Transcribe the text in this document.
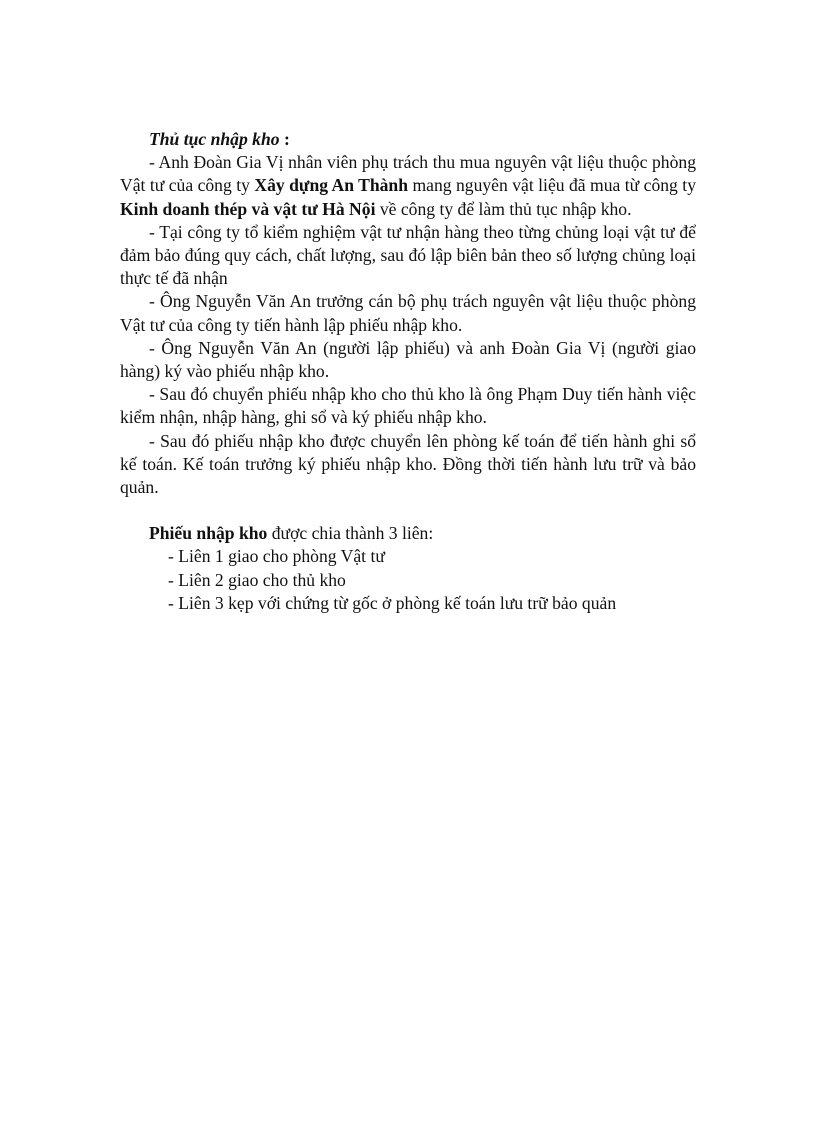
Thủ tục nhập kho :

- Anh Đoàn Gia Vị nhân viên phụ trách thu mua nguyên vật liệu thuộc phòng Vật tư của công ty Xây dựng An Thành mang nguyên vật liệu đã mua từ công ty Kinh doanh thép và vật tư Hà Nội về công ty để làm thủ tục nhập kho.

- Tại công ty tổ kiểm nghiệm vật tư nhận hàng theo từng chủng loại vật tư để đảm bảo đúng quy cách, chất lượng, sau đó lập biên bản theo số lượng chủng loại thực tế đã nhận

- Ông Nguyễn Văn An trưởng cán bộ phụ trách nguyên vật liệu thuộc phòng Vật tư của công ty tiến hành lập phiếu nhập kho.

- Ông Nguyễn Văn An (người lập phiếu) và anh Đoàn Gia Vị (người giao hàng) ký vào phiếu nhập kho.

- Sau đó chuyển phiếu nhập kho cho thủ kho là ông Phạm Duy tiến hành việc kiểm nhận, nhập hàng, ghi sổ và ký phiếu nhập kho.

- Sau đó phiếu nhập kho được chuyển lên phòng kế toán để tiến hành ghi sổ kế toán. Kế toán trưởng ký phiếu nhập kho. Đồng thời tiến hành lưu trữ và bảo quản.

Phiếu nhập kho được chia thành 3 liên:

- Liên 1 giao cho phòng Vật tư
- Liên 2 giao cho thủ kho
- Liên 3 kẹp với chứng từ gốc ở phòng kế toán lưu trữ bảo quản
